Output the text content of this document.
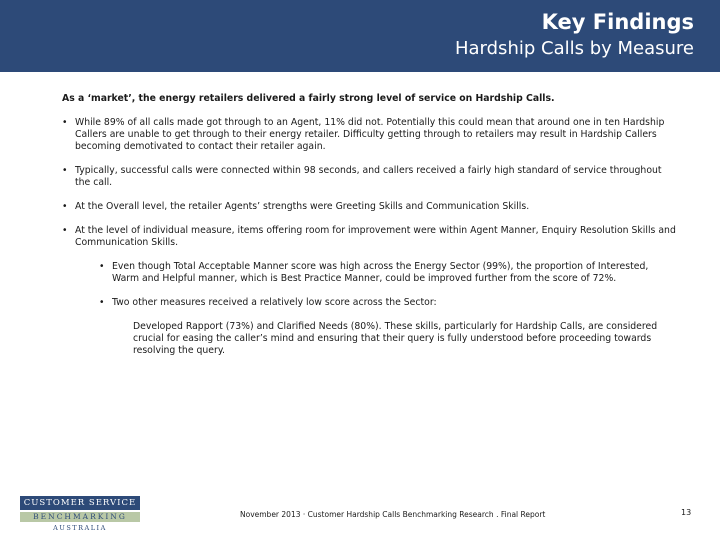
Key Findings
Hardship Calls by Measure
As a ‘market’, the energy retailers delivered a fairly strong level of service on Hardship Calls.
• While 89% of all calls made got through to an Agent, 11% did not. Potentially this could mean that around one in ten Hardship Callers are unable to get through to their energy retailer. Difficulty getting through to retailers may result in Hardship Callers becoming demotivated to contact their retailer again.
• Typically, successful calls were connected within 98 seconds, and callers received a fairly high standard of service throughout the call.
• At the Overall level, the retailer Agents’ strengths were Greeting Skills and Communication Skills.
• At the level of individual measure, items offering room for improvement were within Agent Manner, Enquiry Resolution Skills and Communication Skills.
• Even though Total Acceptable Manner score was high across the Energy Sector (99%), the proportion of Interested, Warm and Helpful manner, which is Best Practice Manner, could be improved further from the score of 72%.
• Two other measures received a relatively low score across the Sector:
Developed Rapport (73%) and Clarified Needs (80%). These skills, particularly for Hardship Calls, are considered crucial for easing the caller’s mind and ensuring that their query is fully understood before proceeding towards resolving the query.
CUSTOMER SERVICE
BENCHMARKING
AUSTRALIA
November 2013 · Customer Hardship Calls Benchmarking Research . Final Report	13
